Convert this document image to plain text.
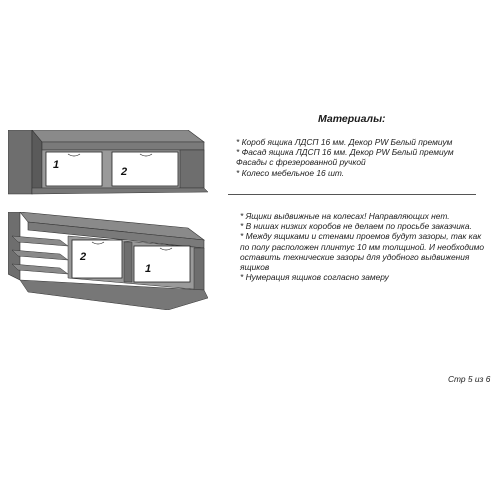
1
2
2
1
Материалы:
* Короб ящика ЛДСП 16 мм. Декор PW Белый премиум
* Фасад ящика ЛДСП 16 мм. Декор PW Белый премиум
Фасады с фрезерованной ручкой
* Колесо мебельное 16 шт.
* Ящики выдвижные на колесах! Направляющих нет.
* В нишах низких коробов не делаем по просьбе заказчика.
* Между ящиками и стенами проемов будут зазоры, так как
по полу расположен плинтус 10 мм толщиной. И необходимо
оставить технические зазоры для удобного выдвижения
ящиков
* Нумерация ящиков согласно замеру
Стр 5 из 6
